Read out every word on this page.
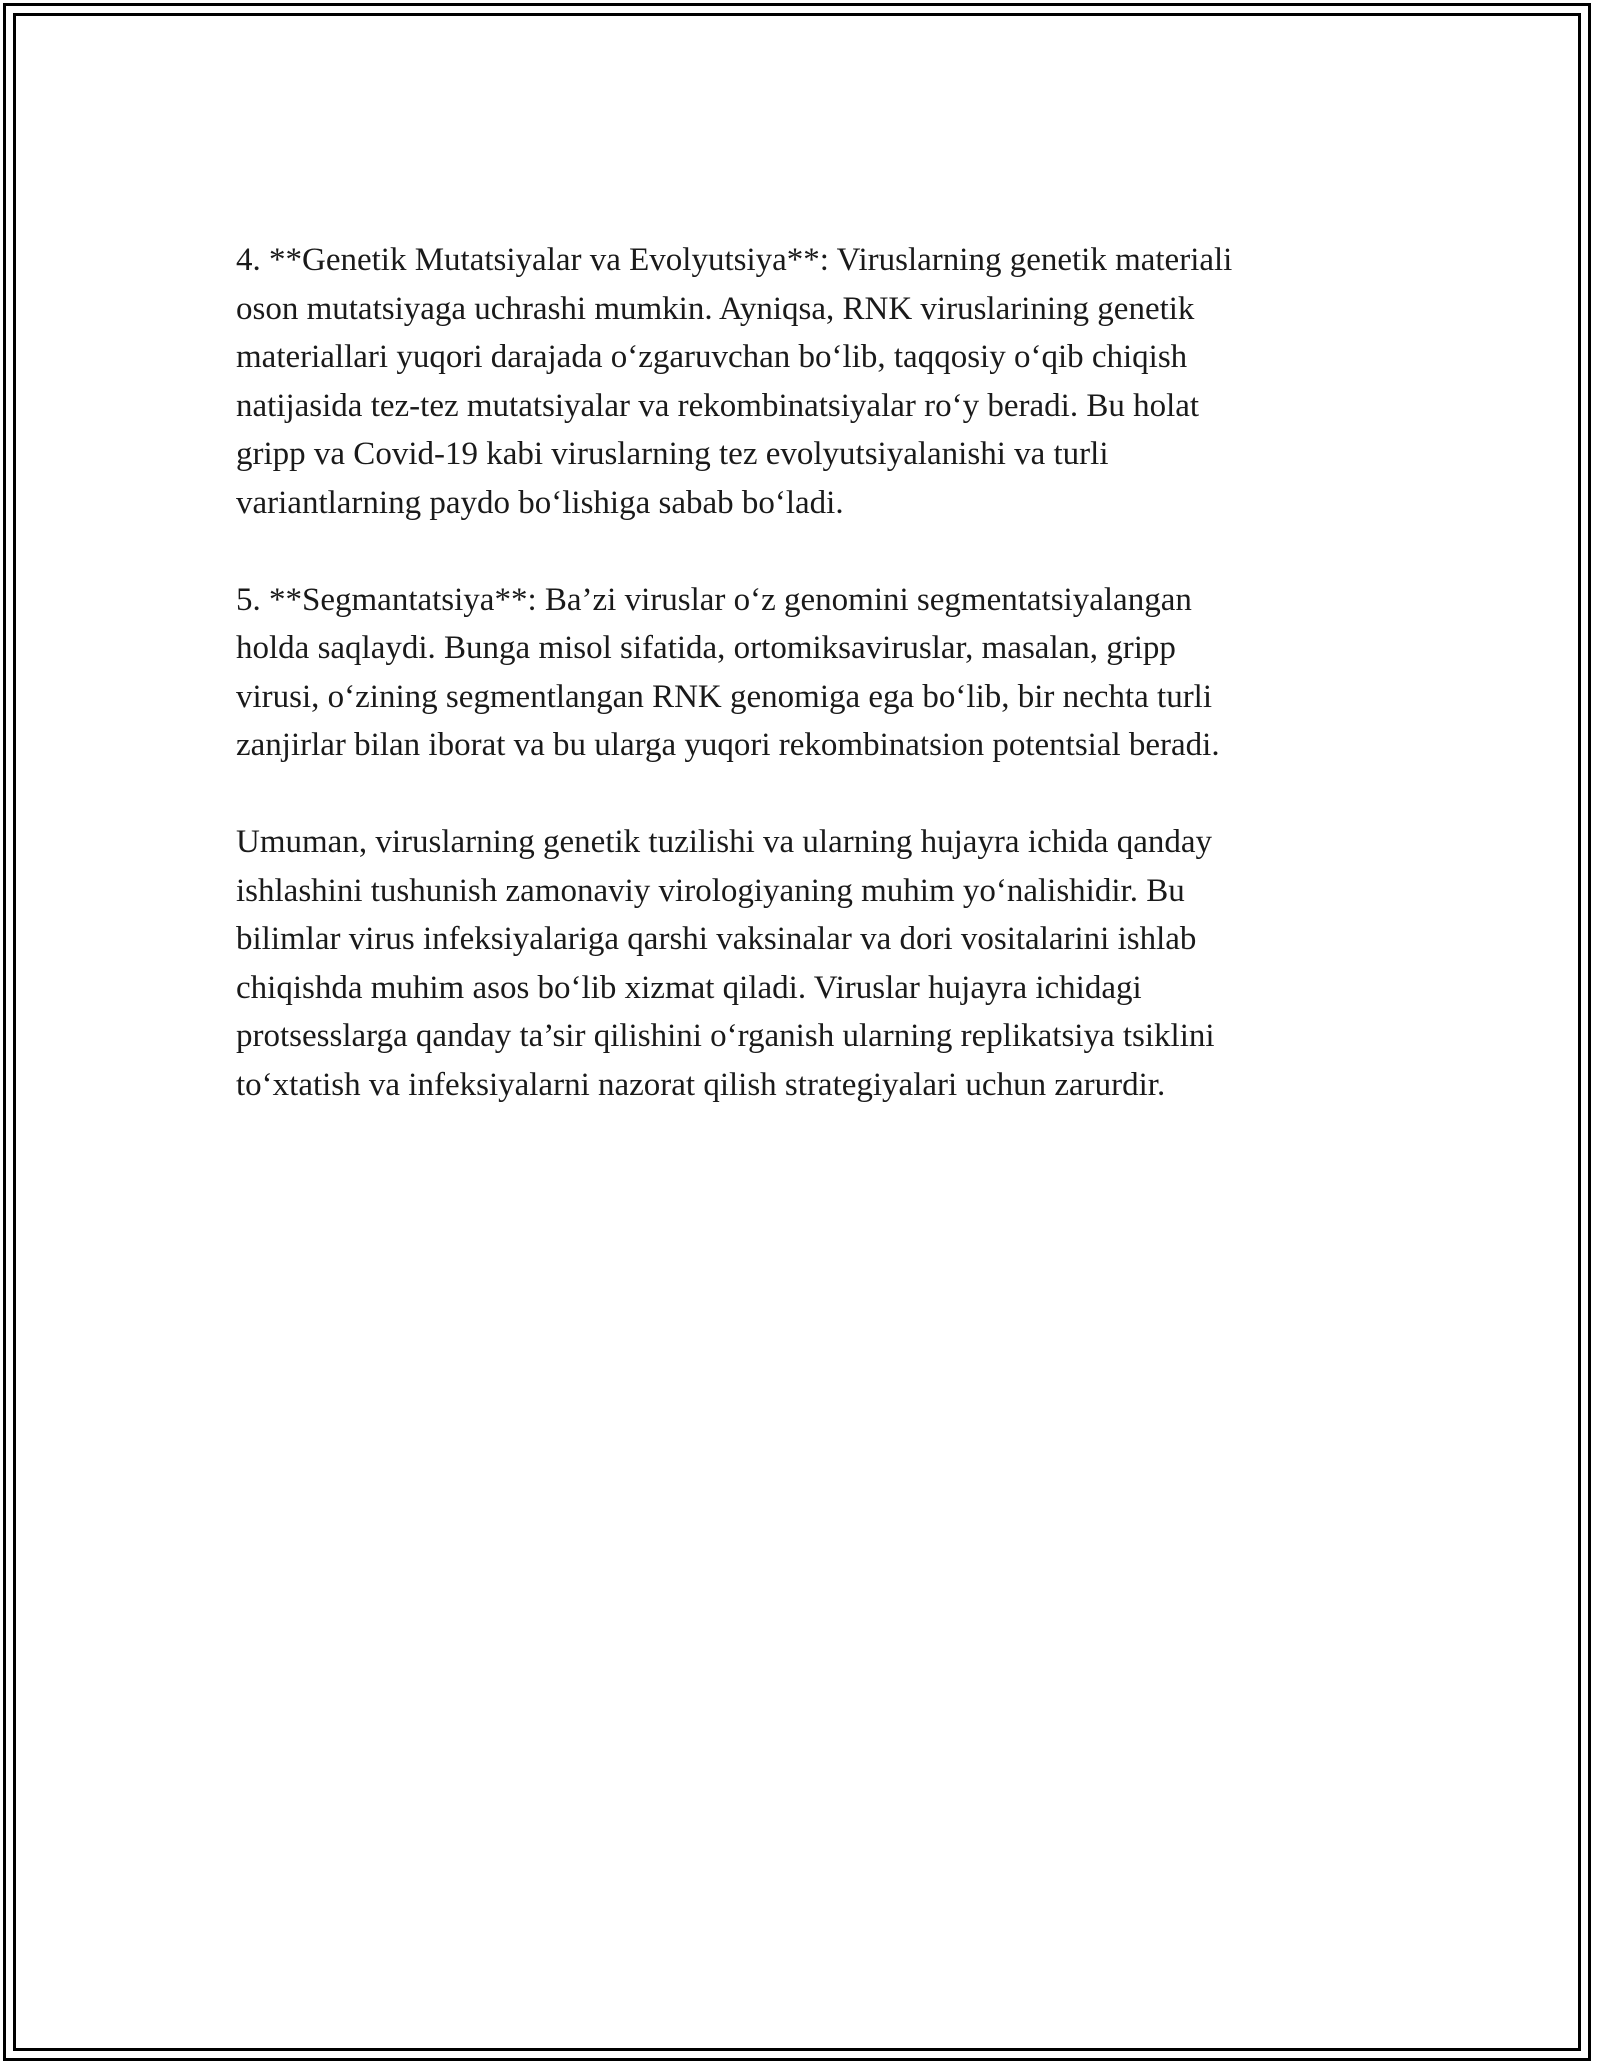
4. **Genetik Mutatsiyalar va Evolyutsiya**: Viruslarning genetik materiali
oson mutatsiyaga uchrashi mumkin. Ayniqsa, RNK viruslarining genetik
materiallari yuqori darajada o‘zgaruvchan bo‘lib, taqqosiy o‘qib chiqish
natijasida tez-tez mutatsiyalar va rekombinatsiyalar ro‘y beradi. Bu holat
gripp va Covid-19 kabi viruslarning tez evolyutsiyalanishi va turli
variantlarning paydo bo‘lishiga sabab bo‘ladi.

5. **Segmantatsiya**: Ba’zi viruslar o‘z genomini segmentatsiyalangan
holda saqlaydi. Bunga misol sifatida, ortomiksaviruslar, masalan, gripp
virusi, o‘zining segmentlangan RNK genomiga ega bo‘lib, bir nechta turli
zanjirlar bilan iborat va bu ularga yuqori rekombinatsion potentsial beradi.

Umuman, viruslarning genetik tuzilishi va ularning hujayra ichida qanday
ishlashini tushunish zamonaviy virologiyaning muhim yo‘nalishidir. Bu
bilimlar virus infeksiyalariga qarshi vaksinalar va dori vositalarini ishlab
chiqishda muhim asos bo‘lib xizmat qiladi. Viruslar hujayra ichidagi
protsesslarga qanday ta’sir qilishini o‘rganish ularning replikatsiya tsiklini
to‘xtatish va infeksiyalarni nazorat qilish strategiyalari uchun zarurdir.
